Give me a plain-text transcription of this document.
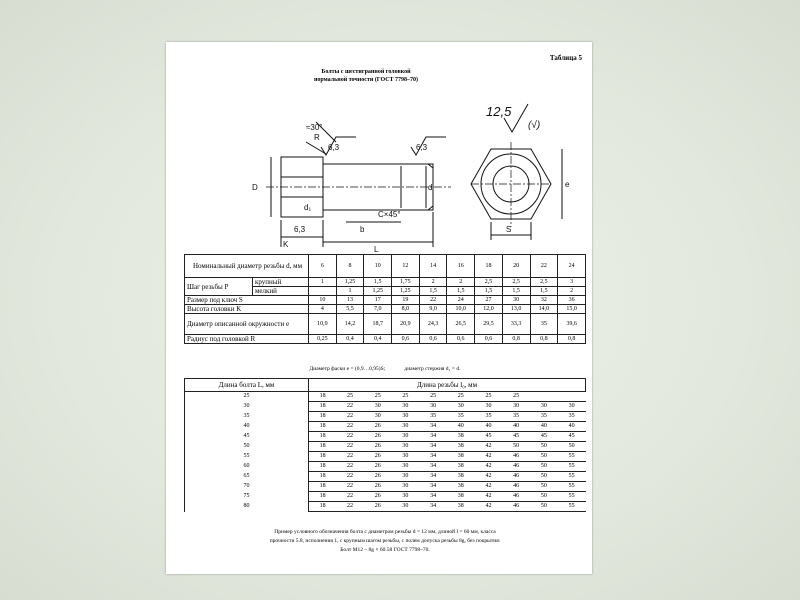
Таблица 5
Болты с шестигранной головкой
нормальной точности (ГОСТ 7798–70)
12,5
(√)
≈30°
R
6,3	6,3
D
d₁
d
6,3
C×45°
b
L
K
e
S
Номинальный диаметр резьбы d, мм		6	8	10	12	14	16	18	20	22	24
Шаг резьбы P	крупный	1	1,25	1,5	1,75	2	2	2,5	2,5	2,5	3
	мелкий		1	1,25	1,25	1,5	1,5	1,5	1,5	1,5	2
Размер под ключ S		10	13	17	19	22	24	27	30	32	36
Высота головки K		4	5,5	7,0	8,0	9,0	10,0	12,0	13,0	14,0	15,0
Диаметр описанной окружности e		10,9	14,2	18,7	20,9	24,3	26,5	29,5	33,3	35	39,6
Радиус под головкой R		0,25	0,4	0,4	0,6	0,6	0,6	0,6	0,8	0,8	0,8
Диаметр фаски e = (0,9…0,95)S;	диаметр стержня d₁ = d.
Длина болта L, мм	Длина резьбы l₀, мм									
25	18	25	25	25	25	25	25	25		
30	18	22	30	30	30	30	30	30	30	30
35	18	22	30	30	35	35	35	35	35	35
40	18	22	26	30	34	40	40	40	40	40
45	18	22	26	30	34	38	45	45	45	45
50	18	22	26	30	34	38	42	50	50	50
55	18	22	26	30	34	38	42	46	50	55
60	18	22	26	30	34	38	42	46	50	55
65	18	22	26	30	34	38	42	46	50	55
70	18	22	26	30	34	38	42	46	50	55
75	18	22	26	30	34	38	42	46	50	55
80	18	22	26	30	34	38	42	46	50	55
Пример условного обозначения болта с диаметром резьбы d = 12 мм, длиной l = 60 мм, класса
прочности 5.8, исполнения 1, с крупным шагом резьбы, с полем допуска резьбы 8g, без покрытия:
Болт М12 – 8g × 60.58 ГОСТ 7798–70.
